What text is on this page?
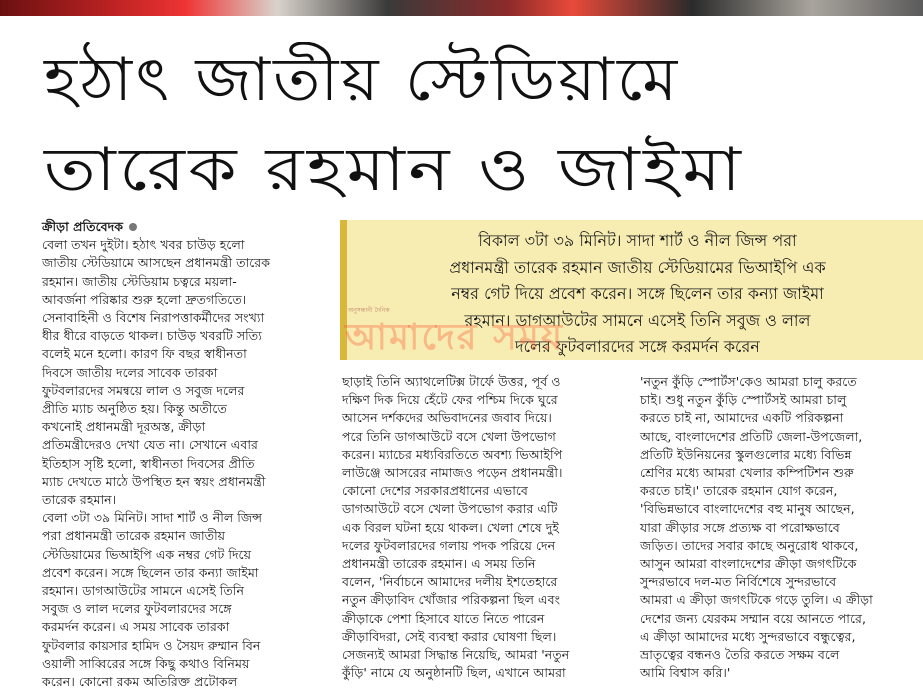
হঠাৎ জাতীয় স্টেডিয়ামে
তারেক রহমান ও জাইমা
বিকাল ৩টা ৩৯ মিনিট। সাদা শার্ট ও নীল জিন্স পরা
প্রধানমন্ত্রী তারেক রহমান জাতীয় স্টেডিয়ামের ভিআইপি এক
নম্বর গেট দিয়ে প্রবেশ করেন। সঙ্গে ছিলেন তার কন্যা জাইমা
রহমান। ডাগআউটের সামনে এসেই তিনি সবুজ ও লাল
দলের ফুটবলারদের সঙ্গে করমর্দন করেন
অনুসন্ধানী দৈনিক
আমাদের সময়
ক্রীড়া প্রতিবেদক

বেলা তখন দুইটা। হঠাৎ খবর চাউড় হলো

জাতীয় স্টেডিয়ামে আসছেন প্রধানমন্ত্রী তারেক

রহমান। জাতীয় স্টেডিয়াম চত্বরে ময়লা-

আবর্জনা পরিষ্কার শুরু হলো দ্রুতগতিতে।

সেনাবাহিনী ও বিশেষ নিরাপত্তাকর্মীদের সংখ্যা

ধীর ধীরে বাড়তে থাকল। চাউড় খবরটি সত্যি

বলেই মনে হলো। কারণ ফি বছর স্বাধীনতা

দিবসে জাতীয় দলের সাবেক তারকা

ফুটবলারদের সমন্বয়ে লাল ও সবুজ দলের

প্রীতি ম্যাচ অনুষ্ঠিত হয়। কিন্তু অতীতে

কখনোই প্রধানমন্ত্রী দূরঅস্ত, ক্রীড়া

প্রতিমন্ত্রীদেরও দেখা যেত না। সেখানে এবার

ইতিহাস সৃষ্টি হলো, স্বাধীনতা দিবসের প্রীতি

ম্যাচ দেখতে মাঠে উপস্থিত হন স্বয়ং প্রধানমন্ত্রী

তারেক রহমান।

বেলা ৩টা ৩৯ মিনিট। সাদা শার্ট ও নীল জিন্স

পরা প্রধানমন্ত্রী তারেক রহমান জাতীয়

স্টেডিয়ামের ভিআইপি এক নম্বর গেট দিয়ে

প্রবেশ করেন। সঙ্গে ছিলেন তার কন্যা জাইমা

রহমান। ডাগআউটের সামনে এসেই তিনি

সবুজ ও লাল দলের ফুটবলারদের সঙ্গে

করমর্দন করেন। এ সময় সাবেক তারকা

ফুটবলার কায়সার হামিদ ও সৈয়দ রুম্মান বিন

ওয়ালী সাব্বিরের সঙ্গে কিছু কথাও বিনিময়

করেন। কোনো রকম অতিরিক্ত প্রটোকল

ছাড়াই তিনি অ্যাথলেটিক্স টার্ফে উত্তর, পূর্ব ও

দক্ষিণ দিক দিয়ে হেঁটে ফের পশ্চিম দিকে ঘুরে

আসেন দর্শকদের অভিবাদনের জবাব দিয়ে।

পরে তিনি ডাগআউটে বসে খেলা উপভোগ

করেন। ম্যাচের মধ্যবিরতিতে অবশ্য ভিআইপি

লাউঞ্জে আসরের নামাজও পড়েন প্রধানমন্ত্রী।

কোনো দেশের সরকারপ্রধানের এভাবে

ডাগআউটে বসে খেলা উপভোগ করার এটি

এক বিরল ঘটনা হয়ে থাকল। খেলা শেষে দুই

দলের ফুটবলারদের গলায় পদক পরিয়ে দেন

প্রধানমন্ত্রী তারেক রহমান। এ সময় তিনি

বলেন, 'নির্বাচনে আমাদের দলীয় ইশতেহারে

নতুন ক্রীড়াবিদ খোঁজার পরিকল্পনা ছিল এবং

ক্রীড়াকে পেশা হিসাবে যাতে নিতে পারেন

ক্রীড়াবিদরা, সেই ব্যবস্থা করার ঘোষণা ছিল।

সেজন্যই আমরা সিদ্ধান্ত নিয়েছি, আমরা 'নতুন

কুঁড়ি' নামে যে অনুষ্ঠানটি ছিল, এখানে আমরা

'নতুন কুঁড়ি স্পোর্টস'কেও আমরা চালু করতে

চাই। শুধু নতুন কুঁড়ি স্পোর্টসই আমরা চালু

করতে চাই না, আমাদের একটি পরিকল্পনা

আছে, বাংলাদেশের প্রতিটি জেলা-উপজেলা,

প্রতিটি ইউনিয়নের স্কুলগুলোর মধ্যে বিভিন্ন

শ্রেণির মধ্যে আমরা খেলার কম্পিটিশন শুরু

করতে চাই।' তারেক রহমান যোগ করেন,

'বিভিন্নভাবে বাংলাদেশের বহু মানুষ আছেন,

যারা ক্রীড়ার সঙ্গে প্রত্যক্ষ বা পরোক্ষভাবে

জড়িত। তাদের সবার কাছে অনুরোধ থাকবে,

আসুন আমরা বাংলাদেশের ক্রীড়া জগৎটিকে

সুন্দরভাবে দল-মত নির্বিশেষে সুন্দরভাবে

আমরা এ ক্রীড়া জগৎটিকে গড়ে তুলি। এ ক্রীড়া

দেশের জন্য যেরকম সম্মান বয়ে আনতে পারে,

এ ক্রীড়া আমাদের মধ্যে সুন্দরভাবে বন্ধুত্বের,

ভ্রাতৃত্বের বন্ধনও তৈরি করতে সক্ষম বলে

আমি বিশ্বাস করি।'
